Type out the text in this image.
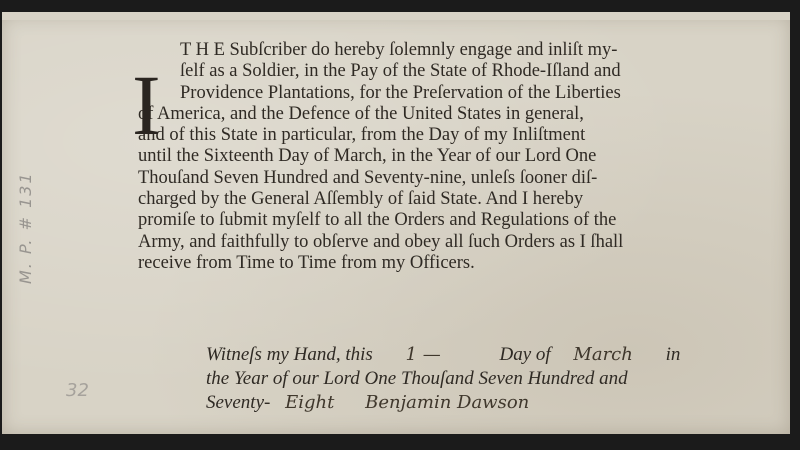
M. P. # 131
I
T H E Subſcriber do hereby ſolemnly engage and inliſt my-
ſelf as a Soldier, in the Pay of the State of Rhode-Iſland and
Providence Plantations, for the Preſervation of the Liberties
of America, and the Defence of the United States in general,
and of this State in particular, from the Day of my Inliſtment
until the Sixteenth Day of March, in the Year of our Lord One
Thouſand Seven Hundred and Seventy-nine, unleſs ſooner diſ-
charged by the General Aſſembly of ſaid State. And I hereby
promiſe to ſubmit myſelf to all the Orders and Regulations of the
Army, and faithfully to obſerve and obey all ſuch Orders as I ſhall
receive from Time to Time from my Officers.
32
Witneſs my Hand, this 1 —	Day of March in
the Year of our Lord One Thouſand Seven Hundred and
Seventy- Eight Benjamin Dawson
